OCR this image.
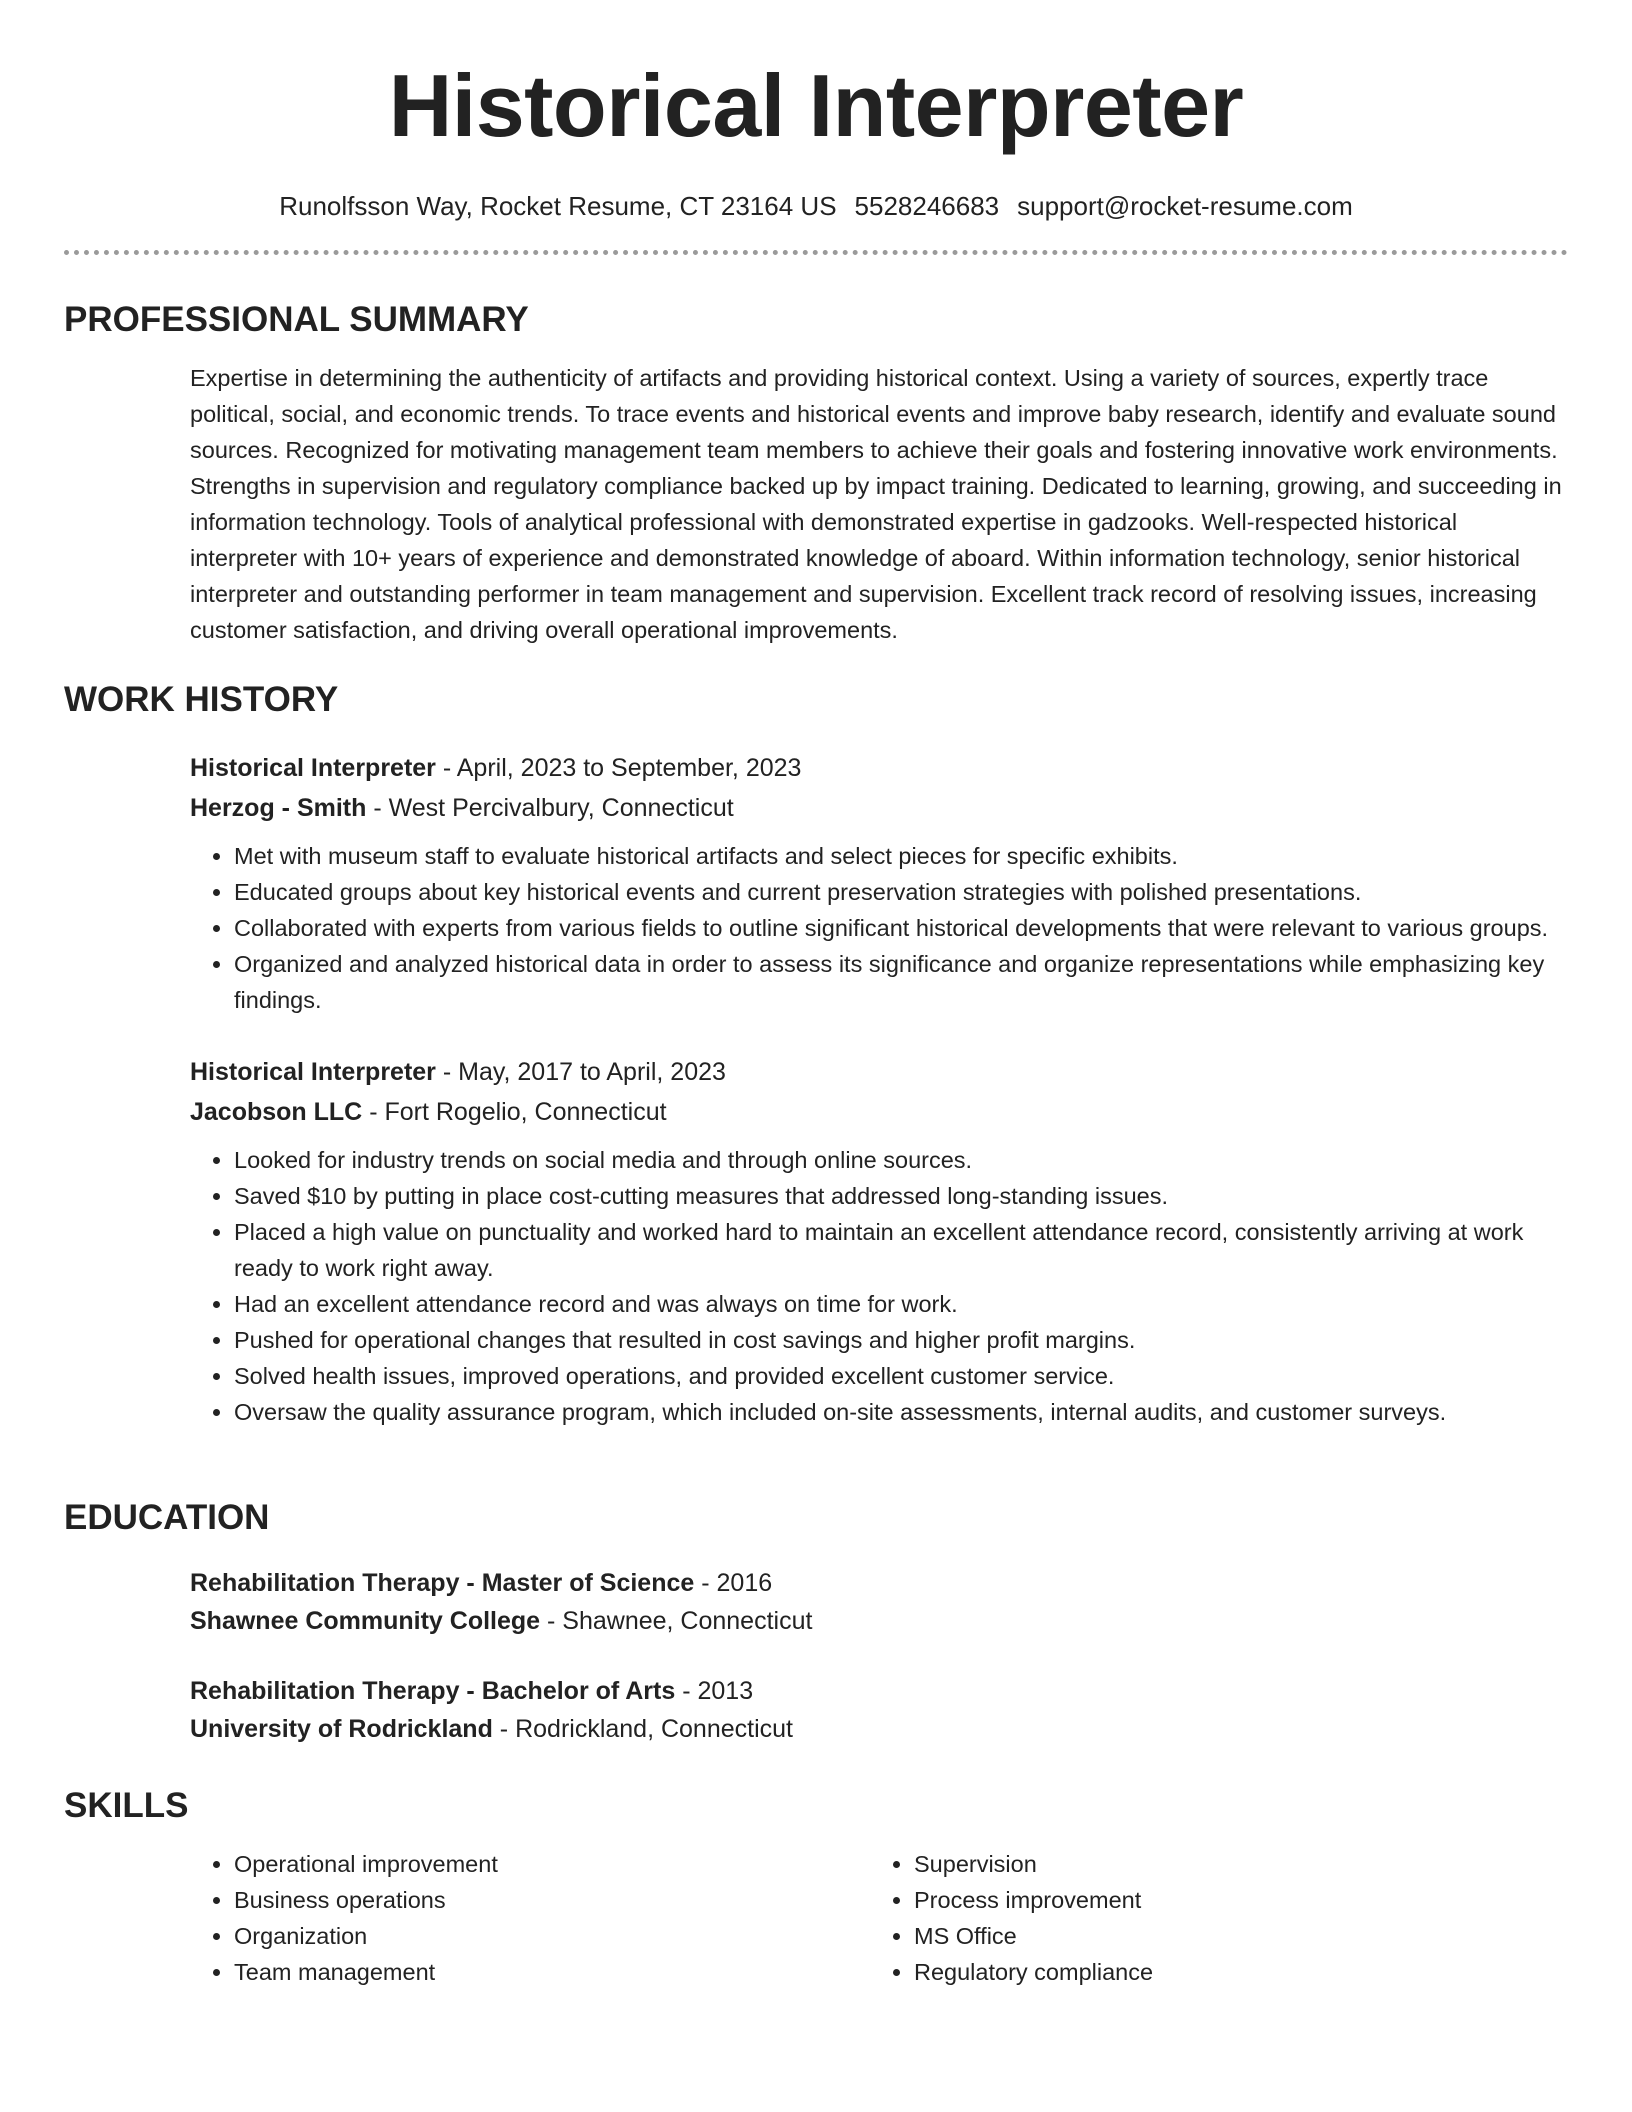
Historical Interpreter
Runolfsson Way, Rocket Resume, CT 23164 US 5528246683 support@rocket-resume.com
PROFESSIONAL SUMMARY

Expertise in determining the authenticity of artifacts and providing historical context. Using a variety of sources, expertly trace political, social, and economic trends. To trace events and historical events and improve baby research, identify and evaluate sound sources. Recognized for motivating management team members to achieve their goals and fostering innovative work environments. Strengths in supervision and regulatory compliance backed up by impact training. Dedicated to learning, growing, and succeeding in information technology. Tools of analytical professional with demonstrated expertise in gadzooks. Well-respected historical interpreter with 10+ years of experience and demonstrated knowledge of aboard. Within information technology, senior historical interpreter and outstanding performer in team management and supervision. Excellent track record of resolving issues, increasing customer satisfaction, and driving overall operational improvements.

WORK HISTORY
Historical Interpreter - April, 2023 to September, 2023
Herzog - Smith - West Percivalbury, Connecticut
• Met with museum staff to evaluate historical artifacts and select pieces for specific exhibits.
• Educated groups about key historical events and current preservation strategies with polished presentations.
• Collaborated with experts from various fields to outline significant historical developments that were relevant to various groups.
• Organized and analyzed historical data in order to assess its significance and organize representations while emphasizing key findings.
Historical Interpreter - May, 2017 to April, 2023
Jacobson LLC - Fort Rogelio, Connecticut
• Looked for industry trends on social media and through online sources.
• Saved $10 by putting in place cost-cutting measures that addressed long-standing issues.
• Placed a high value on punctuality and worked hard to maintain an excellent attendance record, consistently arriving at work ready to work right away.
• Had an excellent attendance record and was always on time for work.
• Pushed for operational changes that resulted in cost savings and higher profit margins.
• Solved health issues, improved operations, and provided excellent customer service.
• Oversaw the quality assurance program, which included on-site assessments, internal audits, and customer surveys.
EDUCATION
Rehabilitation Therapy - Master of Science - 2016
Shawnee Community College - Shawnee, Connecticut
Rehabilitation Therapy - Bachelor of Arts - 2013
University of Rodrickland - Rodrickland, Connecticut
SKILLS
• Operational improvement
• Business operations
• Organization
• Team management
• Supervision
• Process improvement
• MS Office
• Regulatory compliance
